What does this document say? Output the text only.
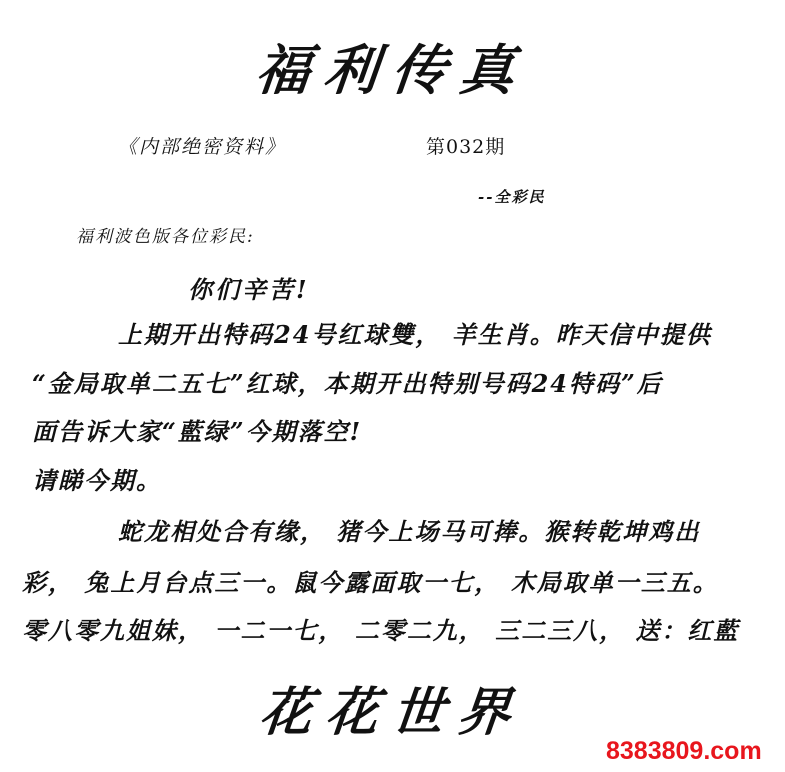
福利传真
《内部绝密资料》	第032期
--全彩民
福利波色版各位彩民:
你们辛苦!
上期开出特码24号红球雙， 羊生肖。昨天信中提供
“金局取单二五七”红球，本期开出特别号码24特码”后
面告诉大家“藍绿”今期落空!
请睇今期。
蛇龙相处合有缘， 猪今上场马可捧。猴转乾坤鸡出
彩， 兔上月台点三一。鼠今露面取一七， 木局取单一三五。
零八零九姐妹， 一二一七， 二零二九， 三二三八， 送：红藍
花花世界
8383809.com
